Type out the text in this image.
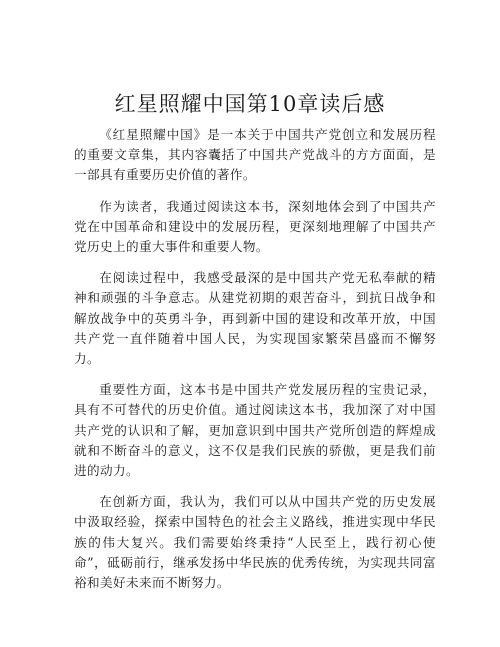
红星照耀中国第10章读后感

《红星照耀中国》是一本关于中国共产党创立和发展历程的重要文章集，其内容囊括了中国共产党战斗的方方面面，是一部具有重要历史价值的著作。

作为读者，我通过阅读这本书，深刻地体会到了中国共产党在中国革命和建设中的发展历程，更深刻地理解了中国共产党历史上的重大事件和重要人物。

在阅读过程中，我感受最深的是中国共产党无私奉献的精神和顽强的斗争意志。从建党初期的艰苦奋斗，到抗日战争和解放战争中的英勇斗争，再到新中国的建设和改革开放，中国共产党一直伴随着中国人民，为实现国家繁荣昌盛而不懈努力。

重要性方面，这本书是中国共产党发展历程的宝贵记录，具有不可替代的历史价值。通过阅读这本书，我加深了对中国共产党的认识和了解，更加意识到中国共产党所创造的辉煌成就和不断奋斗的意义，这不仅是我们民族的骄傲，更是我们前进的动力。

在创新方面，我认为，我们可以从中国共产党的历史发展中汲取经验，探索中国特色的社会主义路线，推进实现中华民族的伟大复兴。我们需要始终秉持“人民至上，践行初心使命”，砥砺前行，继承发扬中华民族的优秀传统，为实现共同富裕和美好未来而不断努力。
